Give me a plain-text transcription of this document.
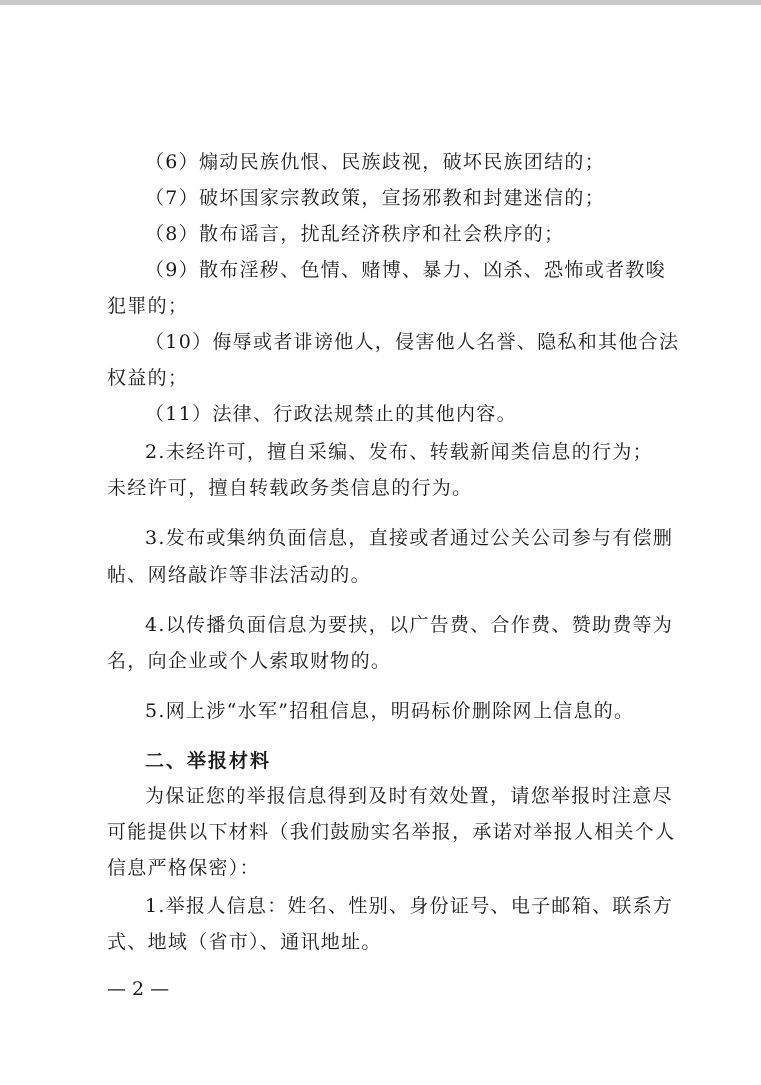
（6）煽动民族仇恨、民族歧视，破坏民族团结的；
（7）破坏国家宗教政策，宣扬邪教和封建迷信的；
（8）散布谣言，扰乱经济秩序和社会秩序的；
（9）散布淫秽、色情、赌博、暴力、凶杀、恐怖或者教唆
犯罪的；
（10）侮辱或者诽谤他人，侵害他人名誉、隐私和其他合法
权益的；
（11）法律、行政法规禁止的其他内容。
2.未经许可，擅自采编、发布、转载新闻类信息的行为；
未经许可，擅自转载政务类信息的行为。
3.发布或集纳负面信息，直接或者通过公关公司参与有偿删
帖、网络敲诈等非法活动的。
4.以传播负面信息为要挟，以广告费、合作费、赞助费等为
名，向企业或个人索取财物的。
5.网上涉“水军”招租信息，明码标价删除网上信息的。
二、举报材料
为保证您的举报信息得到及时有效处置，请您举报时注意尽
可能提供以下材料（我们鼓励实名举报，承诺对举报人相关个人
信息严格保密）：
1.举报人信息：姓名、性别、身份证号、电子邮箱、联系方
式、地域（省市）、通讯地址。
— 2 —
